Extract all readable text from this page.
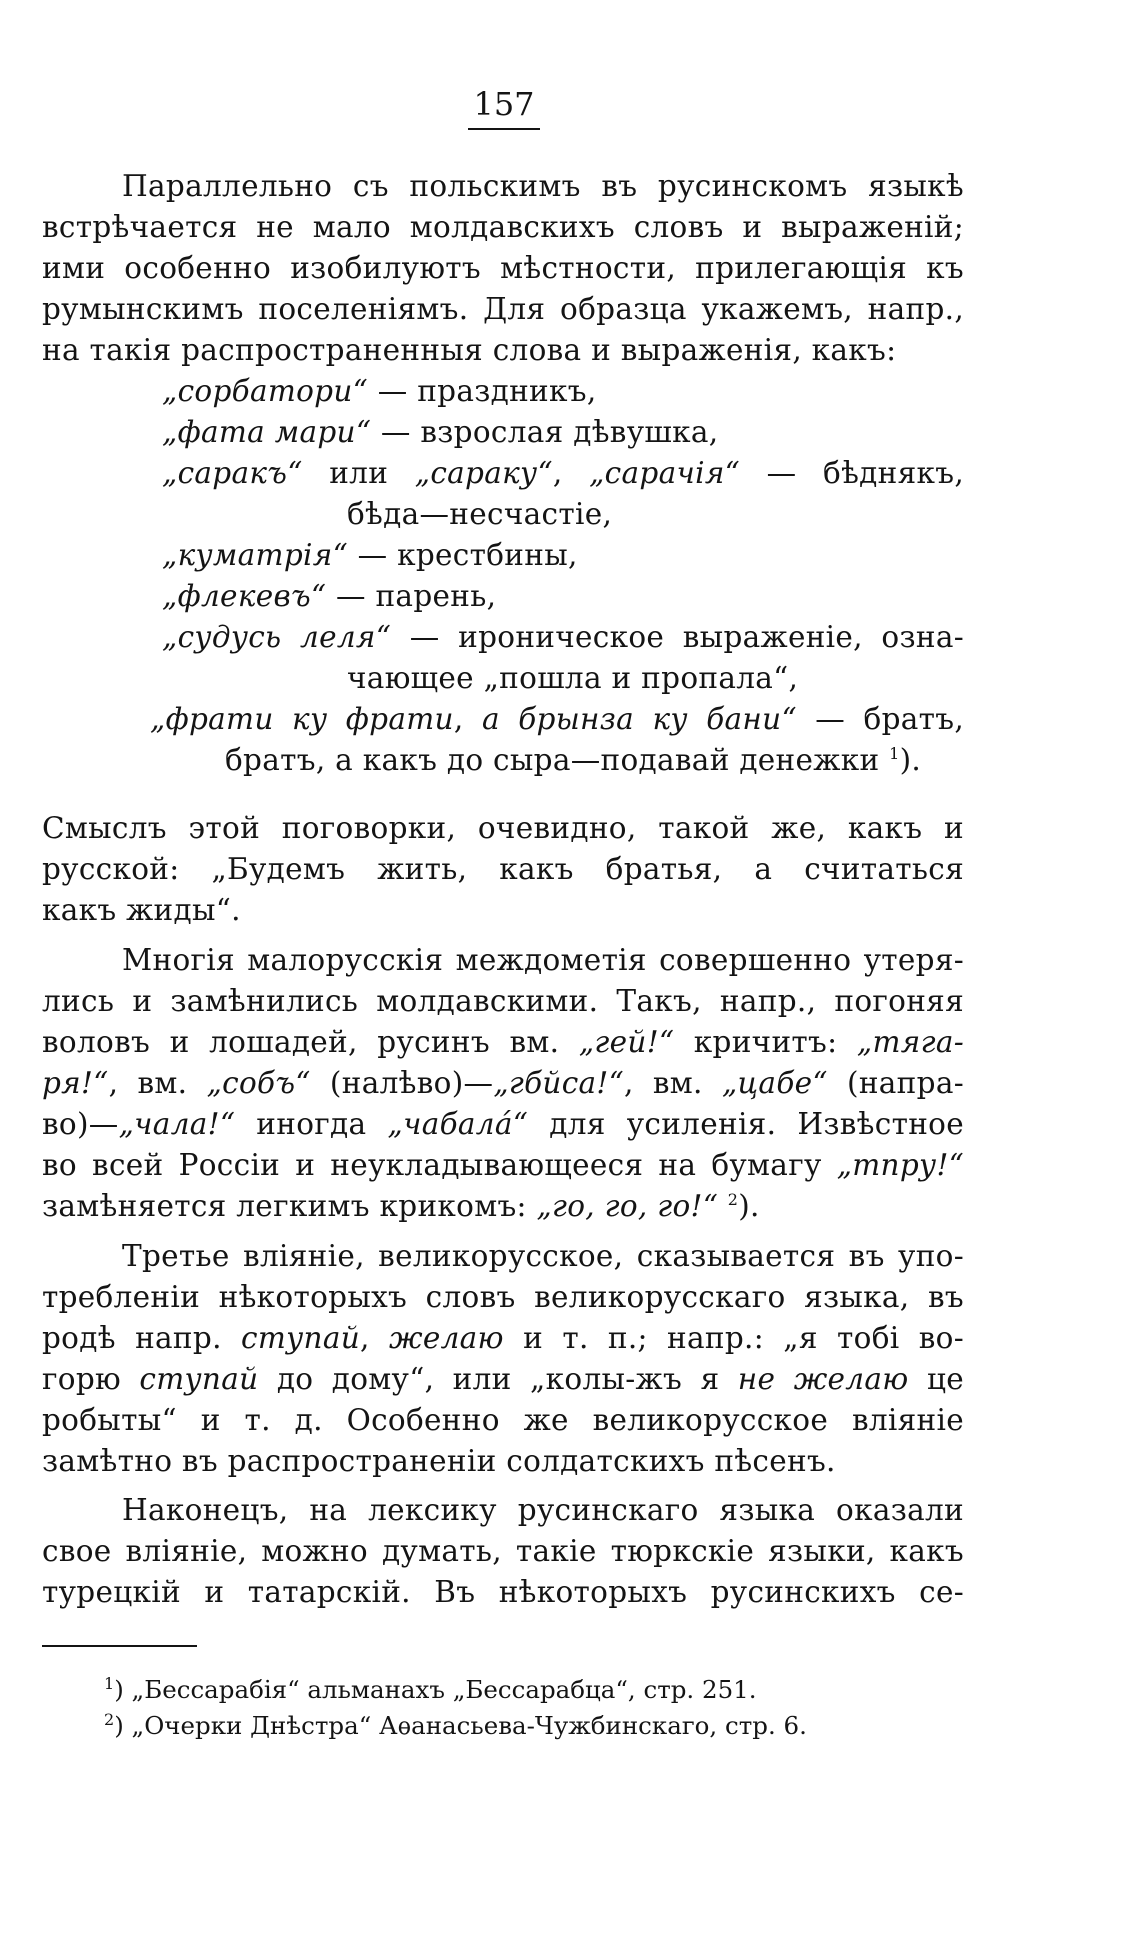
157
Параллельно съ польскимъ въ русинскомъ языкѣ
встрѣчается не мало молдавскихъ словъ и выраженій;
ими особенно изобилуютъ мѣстности, прилегающія къ
румынскимъ поселеніямъ. Для образца укажемъ, напр.,
на такія распространенныя слова и выраженія, какъ:
„сорбатори“ — праздникъ,
„фата мари“ — взрослая дѣвушка,
„саракъ“ или „сараку“, „сарачія“ — бѣднякъ,
бѣда—несчастіе,
„куматрія“ — крестбины,
„флекевъ“ — парень,
„судусь леля“ — ироническое выраженіе, озна-
чающее „пошла и пропала“,
„фрати ку фрати, а брынза ку бани“ — братъ,
братъ, а какъ до сыра—подавай денежки $^1$).
Смыслъ этой поговорки, очевидно, такой же, какъ и
русской: „Будемъ жить, какъ братья, а считаться
какъ жиды“.
Многія малорусскія междометія совершенно утеря-
лись и замѣнились молдавскими. Такъ, напр., погоняя
воловъ и лошадей, русинъ вм. „гей!“ кричитъ: „тяга-
ря!“, вм. „собъ“ (налѣво)—„гбйса!“, вм. „цабе“ (напра-
во)—„чала!“ иногда „чабалá“ для усиленія. Извѣстное
во всей Россіи и неукладывающееся на бумагу „тпру!“
замѣняется легкимъ крикомъ: „го, го, го!“ $^2$).
Третье вліяніе, великорусское, сказывается въ упо-
требленіи нѣкоторыхъ словъ великорусскаго языка, въ
родѣ напр. ступай, желаю и т. п.; напр.: „я тобі во-
горю ступай до дому“, или „колы-жъ я не желаю це
робыты“ и т. д. Особенно же великорусское вліяніе
замѣтно въ распространеніи солдатскихъ пѣсенъ.
Наконецъ, на лексику русинскаго языка оказали
свое вліяніе, можно думать, такіе тюркскіе языки, какъ
турецкій и татарскій. Въ нѣкоторыхъ русинскихъ се-
$^1$) „Бессарабія“ альманахъ „Бессарабца“, стр. 251.
$^2$) „Очерки Днѣстра“ Аѳанасьева-Чужбинскаго, стр. 6.
